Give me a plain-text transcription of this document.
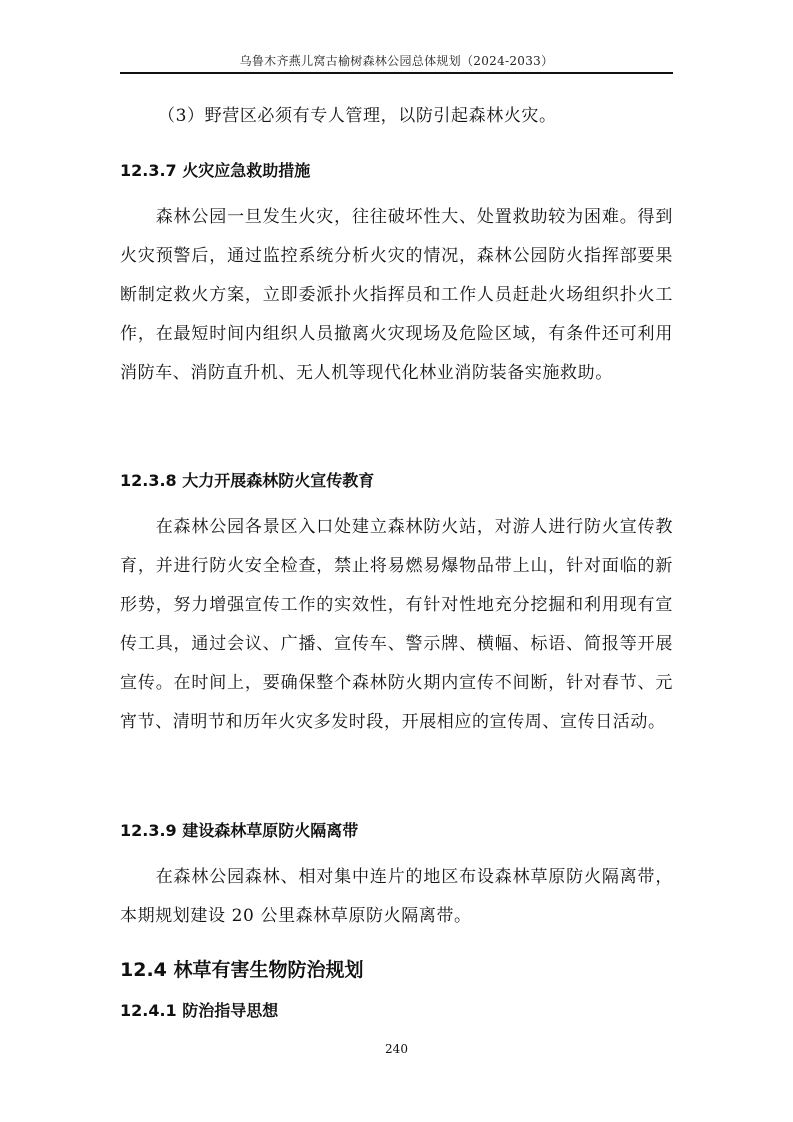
乌鲁木齐燕儿窝古榆树森林公园总体规划（2024-2033）

（3）野营区必须有专人管理，以防引起森林火灾。

12.3.7 火灾应急救助措施

森林公园一旦发生火灾，往往破坏性大、处置救助较为困难。得到火灾预警后，通过监控系统分析火灾的情况，森林公园防火指挥部要果断制定救火方案，立即委派扑火指挥员和工作人员赶赴火场组织扑火工作，在最短时间内组织人员撤离火灾现场及危险区域，有条件还可利用消防车、消防直升机、无人机等现代化林业消防装备实施救助。

12.3.8 大力开展森林防火宣传教育

在森林公园各景区入口处建立森林防火站，对游人进行防火宣传教育，并进行防火安全检查，禁止将易燃易爆物品带上山，针对面临的新形势，努力增强宣传工作的实效性，有针对性地充分挖掘和利用现有宣传工具，通过会议、广播、宣传车、警示牌、横幅、标语、简报等开展宣传。在时间上，要确保整个森林防火期内宣传不间断，针对春节、元宵节、清明节和历年火灾多发时段，开展相应的宣传周、宣传日活动。

12.3.9 建设森林草原防火隔离带

在森林公园森林、相对集中连片的地区布设森林草原防火隔离带，本期规划建设 20 公里森林草原防火隔离带。

12.4 林草有害生物防治规划
12.4.1 防治指导思想
240
